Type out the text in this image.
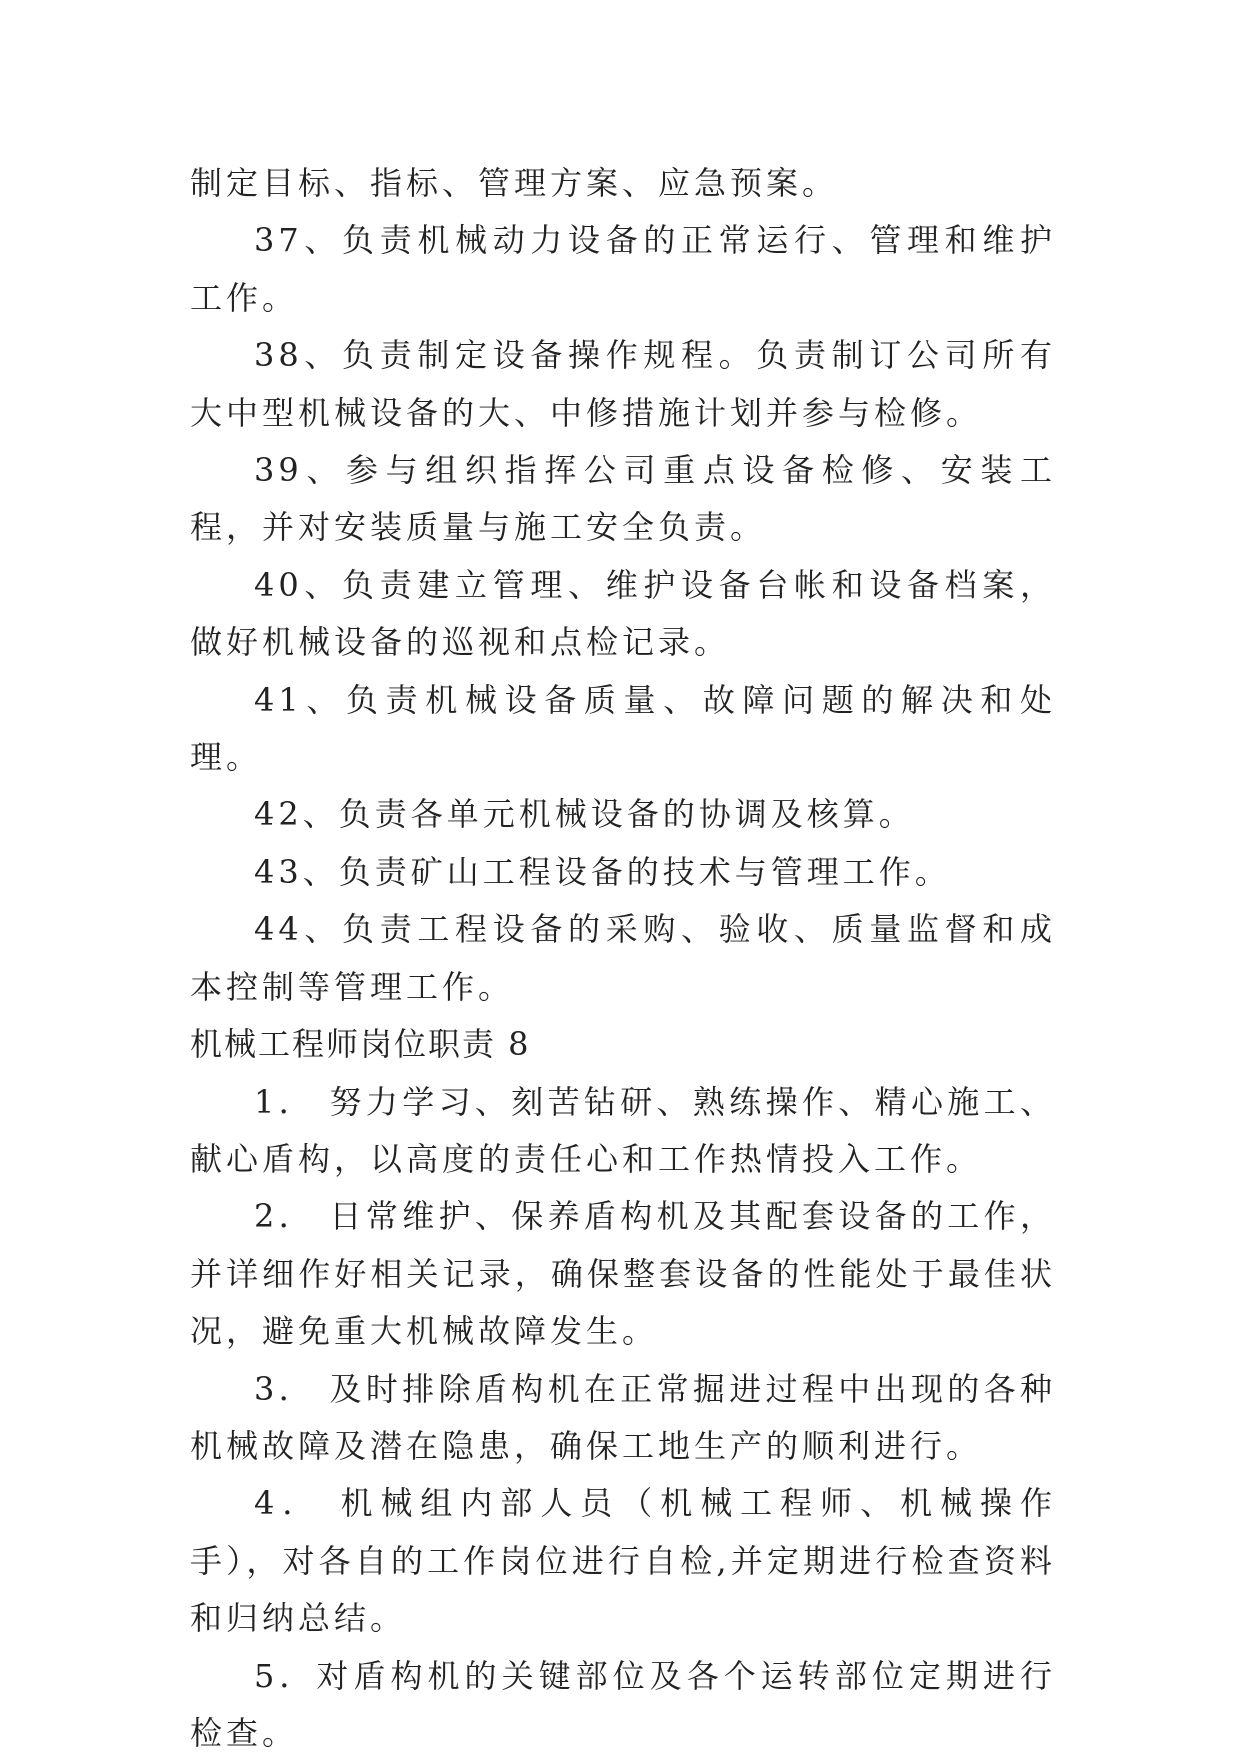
制定目标、指标、管理方案、应急预案。

37、负责机械动力设备的正常运行、管理和维护工作。

38、负责制定设备操作规程。负责制订公司所有大中型机械设备的大、中修措施计划并参与检修。

39、参与组织指挥公司重点设备检修、安装工程，并对安装质量与施工安全负责。

40、负责建立管理、维护设备台帐和设备档案，做好机械设备的巡视和点检记录。

41、负责机械设备质量、故障问题的解决和处理。

42、负责各单元机械设备的协调及核算。

43、负责矿山工程设备的技术与管理工作。

44、负责工程设备的采购、验收、质量监督和成本控制等管理工作。

机械工程师岗位职责 8

1． 努力学习、刻苦钻研、熟练操作、精心施工、献心盾构，以高度的责任心和工作热情投入工作。

2． 日常维护、保养盾构机及其配套设备的工作，并详细作好相关记录，确保整套设备的性能处于最佳状况，避免重大机械故障发生。

3． 及时排除盾构机在正常掘进过程中出现的各种机械故障及潜在隐患，确保工地生产的顺利进行。

4． 机械组内部人员（机械工程师、机械操作手），对各自的工作岗位进行自检,并定期进行检查资料和归纳总结。

5．对盾构机的关键部位及各个运转部位定期进行检查。
